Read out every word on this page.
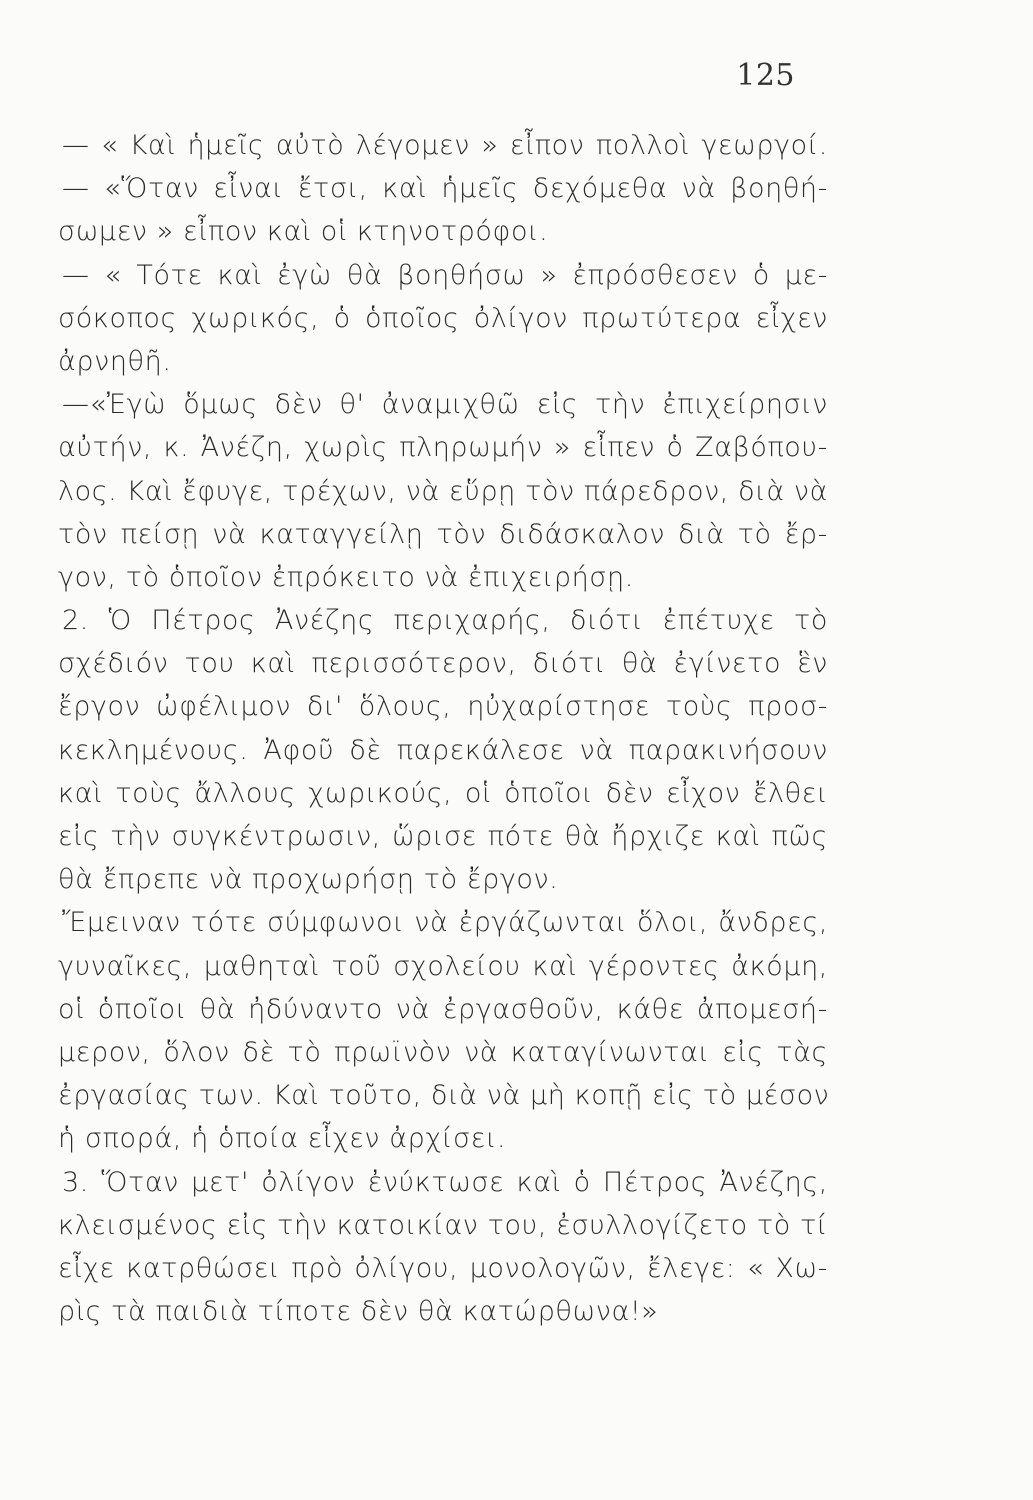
125
— « Καὶ ἡμεῖς αὐτὸ λέγομεν » εἶπον πολλοὶ γεωργοί.
— «Ὅταν εἶναι ἔτσι, καὶ ἡμεῖς δεχόμεθα νὰ βοηθή-
σωμεν » εἶπον καὶ οἱ κτηνοτρόφοι.
— « Τότε καὶ ἐγὼ θὰ βοηθήσω » ἐπρόσθεσεν ὁ με-
σόκοπος χωρικός, ὁ ὁποῖος ὀλίγον πρωτύτερα εἶχεν
ἀρνηθῆ.
—«Ἐγὼ ὅμως δὲν θ' ἀναμιχθῶ εἰς τὴν ἐπιχείρησιν
αὐτήν, κ. Ἀνέζη, χωρὶς πληρωμήν » εἶπεν ὁ Ζαβόπου-
λος. Καὶ ἔφυγε, τρέχων, νὰ εὕρῃ τὸν πάρεδρον, διὰ νὰ
τὸν πείσῃ νὰ καταγγείλῃ τὸν διδάσκαλον διὰ τὸ ἔρ-
γον, τὸ ὁποῖον ἐπρόκειτο νὰ ἐπιχειρήσῃ.
2. Ὁ Πέτρος Ἀνέζης περιχαρής, διότι ἐπέτυχε τὸ
σχέδιόν του καὶ περισσότερον, διότι θὰ ἐγίνετο ἓν
ἔργον ὠφέλιμον δι' ὅλους, ηὐχαρίστησε τοὺς προσ-
κεκλημένους. Ἀφοῦ δὲ παρεκάλεσε νὰ παρακινήσουν
καὶ τοὺς ἄλλους χωρικούς, οἱ ὁποῖοι δὲν εἶχον ἔλθει
εἰς τὴν συγκέντρωσιν, ὥρισε πότε θὰ ἤρχιζε καὶ πῶς
θὰ ἔπρεπε νὰ προχωρήσῃ τὸ ἔργον.
Ἔμειναν τότε σύμφωνοι νὰ ἐργάζωνται ὅλοι, ἄνδρες,
γυναῖκες, μαθηταὶ τοῦ σχολείου καὶ γέροντες ἀκόμη,
οἱ ὁποῖοι θὰ ἠδύναντο νὰ ἐργασθοῦν, κάθε ἀπομεσή-
μερον, ὅλον δὲ τὸ πρωϊνὸν νὰ καταγίνωνται εἰς τὰς
ἐργασίας των. Καὶ τοῦτο, διὰ νὰ μὴ κοπῇ εἰς τὸ μέσον
ἡ σπορά, ἡ ὁποία εἶχεν ἀρχίσει.
3. Ὅταν μετ' ὀλίγον ἐνύκτωσε καὶ ὁ Πέτρος Ἀνέζης,
κλεισμένος εἰς τὴν κατοικίαν του, ἐσυλλογίζετο τὸ τί
εἶχε κατρθώσει πρὸ ὀλίγου, μονολογῶν, ἔλεγε: « Χω-
ρὶς τὰ παιδιὰ τίποτε δὲν θὰ κατώρθωνα!»
